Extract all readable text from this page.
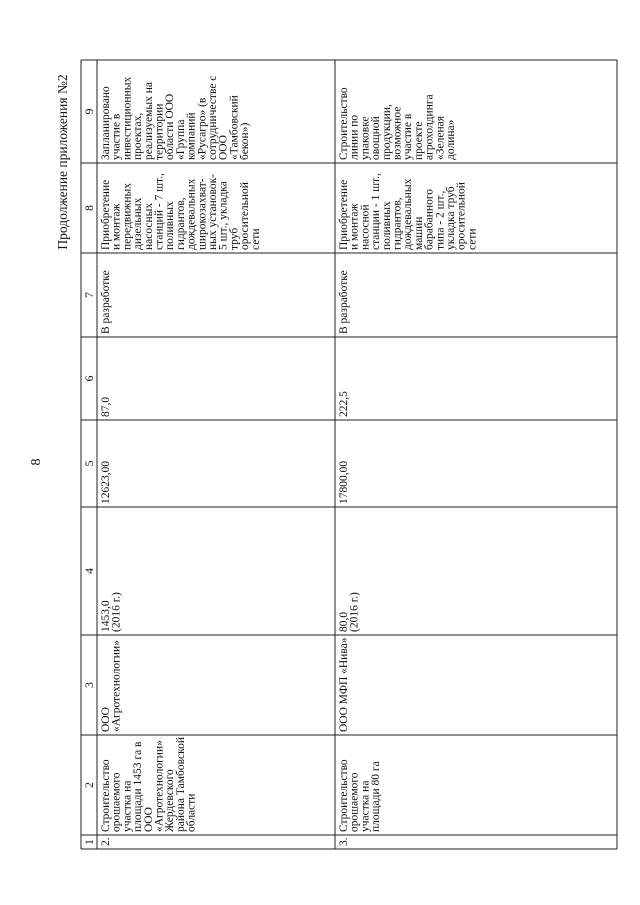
8
Продолжение приложения №2
1
2
3
4
5
6
7
8
9
2.
Строительство
орошаемого
участка на
площади 1453 га в
ООО
«Агротехнологии»
Жердевского
района Тамбовской
области
ООО
«Агротехнологии»
1453,0
(2016 г.)
12623,00
87,0
В разработке
Приобретение
и монтаж
передвижных
дизельных
насосных
станций - 7 шт.,
поливных
гидрантов,
дождевальных
широкозахват-
ных установок-
5 шт., укладка
труб
оросительной
сети
Запланировано
участие в
инвестиционных
проектах,
реализуемых на
территории
области ООО
«Группа
компаний
«Русагро» (в
сотрудничестве с
ООО
«Тамбовский
бекон»)
3.
Строительство
орошаемого
участка на
площади 80 га
ООО МФП «Нива»
80,0
(2016 г.)
17800,00
222,5
В разработке
Приобретение
и монтаж
насосной
станции - 1 шт.,
поливных
гидрантов,
дождевальных
машин
барабанного
типа - 2 шт.,
укладка труб
оросительной
сети
Строительство
линии по
упаковке
овощной
продукции,
возможное
участие в
проекте
агрохолдинга
«Зеленая
долина»
